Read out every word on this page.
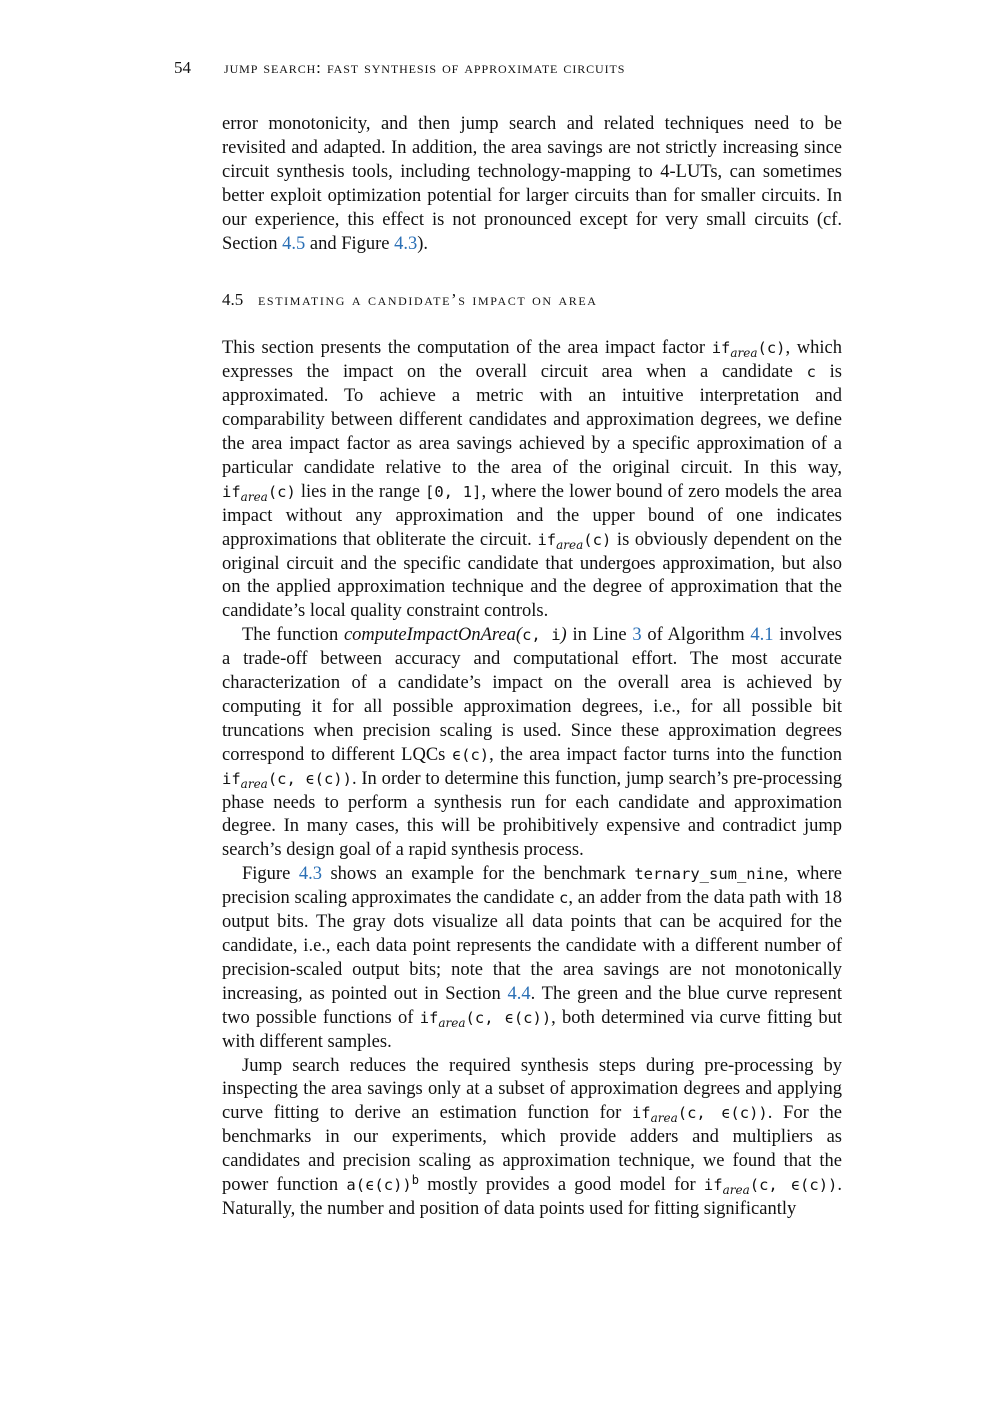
54 jump search: fast synthesis of approximate circuits

error monotonicity, and then jump search and related techniques need to be revisited and adapted. In addition, the area savings are not strictly increasing since circuit synthesis tools, including technology-mapping to 4-LUTs, can sometimes better exploit optimization potential for larger circuits than for smaller circuits. In our experience, this effect is not pronounced except for very small circuits (cf. Section 4.5 and Figure 4.3).

4.5 estimating a candidate’s impact on area

This section presents the computation of the area impact factor $if_{area}(c)$, which expresses the impact on the overall circuit area when a candidate c is approximated. To achieve a metric with an intuitive interpretation and comparability between different candidates and approximation degrees, we define the area impact factor as area savings achieved by a specific approximation of a particular candidate relative to the area of the original circuit. In this way, $if_{area}(c)$ lies in the range [0, 1], where the lower bound of zero models the area impact without any approximation and the upper bound of one indicates approximations that obliterate the circuit. $if_{area}(c)$ is obviously dependent on the original circuit and the specific candidate that undergoes approximation, but also on the applied approximation technique and the degree of approximation that the candidate’s local quality constraint controls.

The function computeImpactOnArea(c, i) in Line 3 of Algorithm 4.1 involves a trade-off between accuracy and computational effort. The most accurate characterization of a candidate’s impact on the overall area is achieved by computing it for all possible approximation degrees, i.e., for all possible bit truncations when precision scaling is used. Since these approximation degrees correspond to different LQCs ϵ(c), the area impact factor turns into the function $if_{area}(c$, ϵ(c)). In order to determine this function, jump search’s pre-processing phase needs to perform a synthesis run for each candidate and approximation degree. In many cases, this will be prohibitively expensive and contradict jump search’s design goal of a rapid synthesis process.

Figure 4.3 shows an example for the benchmark ternary_sum_nine, where precision scaling approximates the candidate c, an adder from the data path with 18 output bits. The gray dots visualize all data points that can be acquired for the candidate, i.e., each data point represents the candidate with a different number of precision-scaled output bits; note that the area savings are not monotonically increasing, as pointed out in Section 4.4. The green and the blue curve represent two possible functions of $if_{area}(c$, ϵ(c)), both determined via curve fitting but with different samples.

Jump search reduces the required synthesis steps during pre-processing by inspecting the area savings only at a subset of approximation degrees and applying curve fitting to derive an estimation function for $if_{area}(c$, ϵ(c)). For the benchmarks in our experiments, which provide adders and multipliers as candidates and precision scaling as approximation technique, we found that the power function $a(\epsilon(c))^b$ mostly provides a good model for $if_{area}(c$, ϵ(c)). Naturally, the number and position of data points used for fitting significantly
